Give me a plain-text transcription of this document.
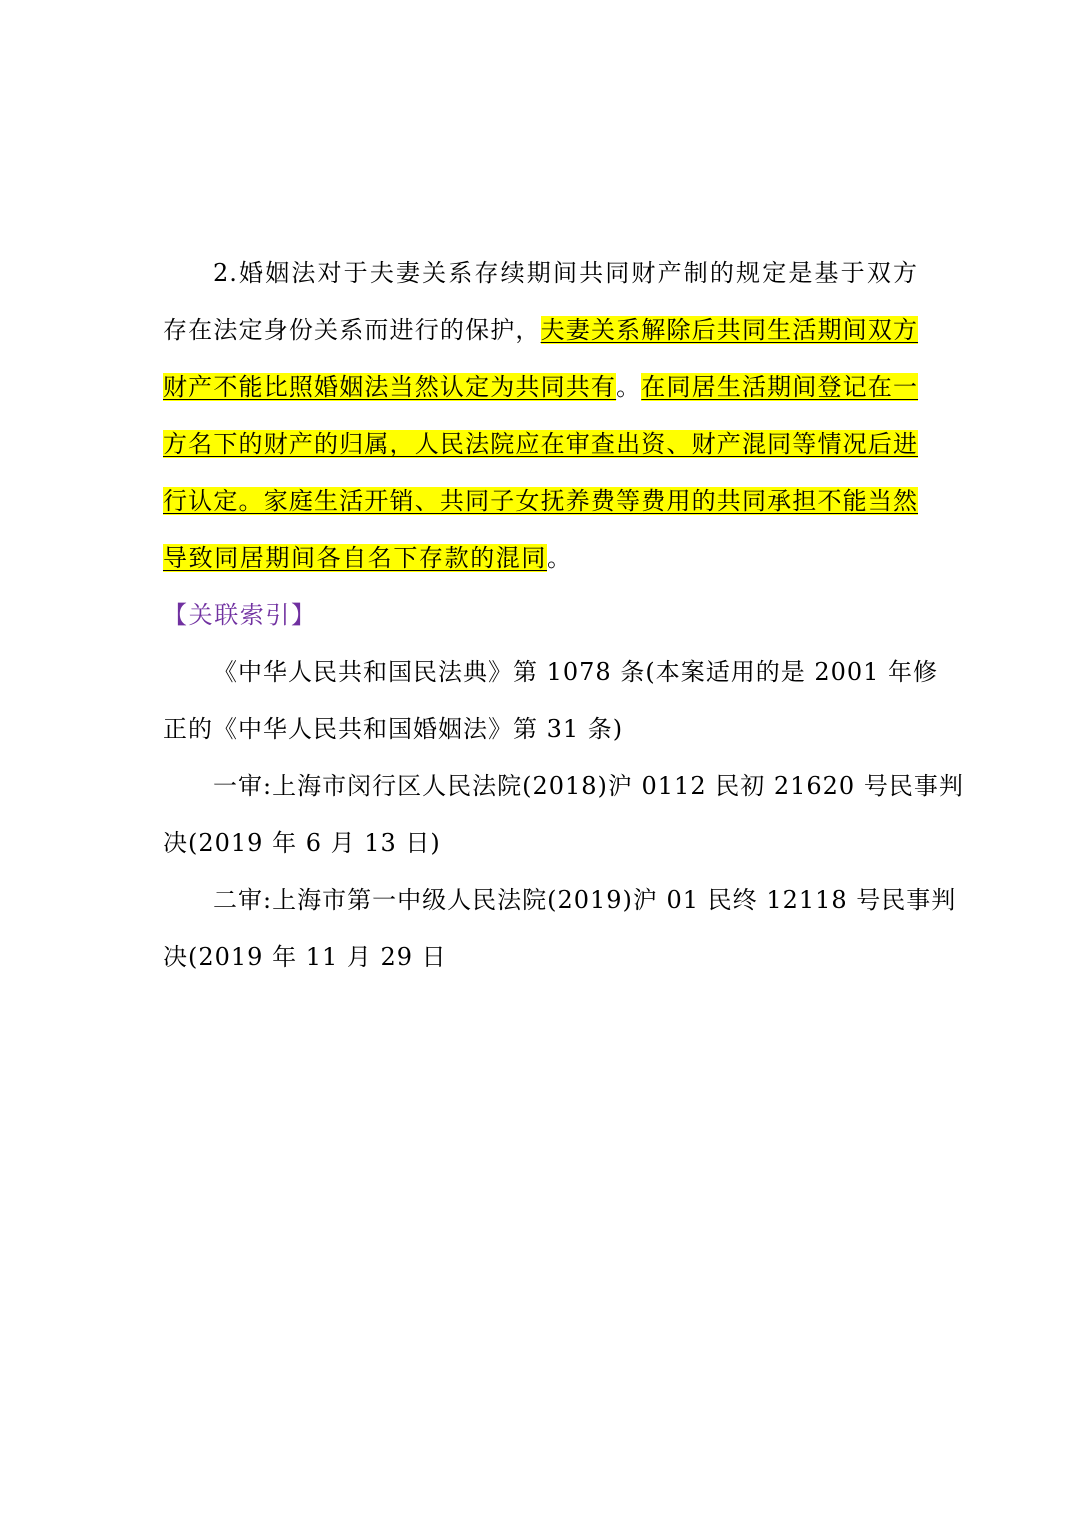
2.婚姻法对于夫妻关系存续期间共同财产制的规定是基于双方
存在法定身份关系而进行的保护，夫妻关系解除后共同生活期间双方
财产不能比照婚姻法当然认定为共同共有。在同居生活期间登记在一
方名下的财产的归属，人民法院应在审查出资、财产混同等情况后进
行认定。家庭生活开销、共同子女抚养费等费用的共同承担不能当然
导致同居期间各自名下存款的混同。
【关联索引】
《中华人民共和国民法典》第 1078 条(本案适用的是 2001 年修
正的《中华人民共和国婚姻法》第 31 条)
一审:上海市闵行区人民法院(2018)沪 0112 民初 21620 号民事判
决(2019 年 6 月 13 日)
二审:上海市第一中级人民法院(2019)沪 01 民终 12118 号民事判
决(2019 年 11 月 29 日
